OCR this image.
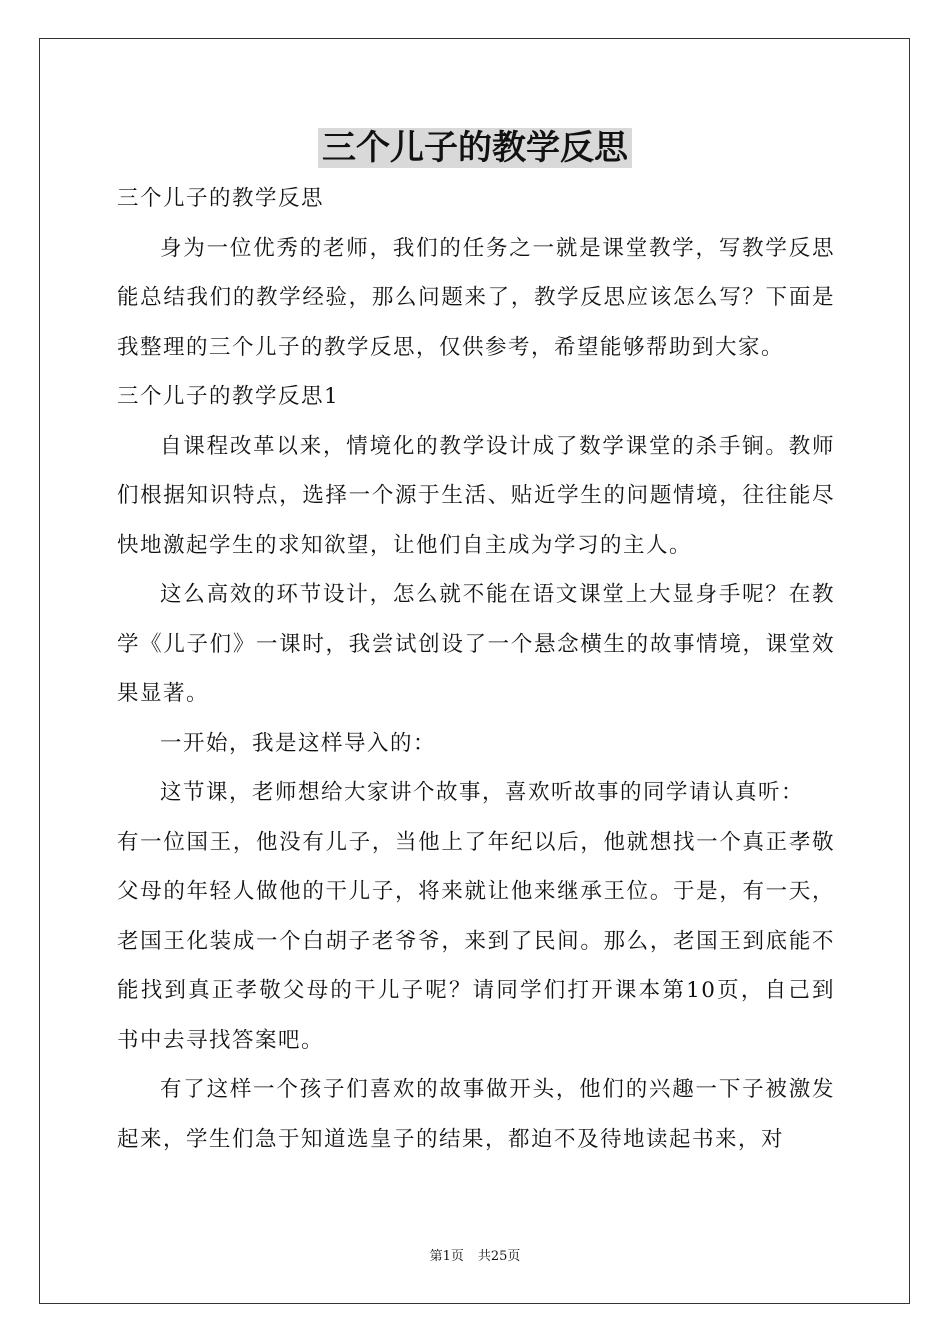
三个儿子的教学反思

三个儿子的教学反思

身为一位优秀的老师，我们的任务之一就是课堂教学，写教学反思能总结我们的教学经验，那么问题来了，教学反思应该怎么写？下面是我整理的三个儿子的教学反思，仅供参考，希望能够帮助到大家。

三个儿子的教学反思1

自课程改革以来，情境化的教学设计成了数学课堂的杀手锏。教师们根据知识特点，选择一个源于生活、贴近学生的问题情境，往往能尽快地激起学生的求知欲望，让他们自主成为学习的主人。

这么高效的环节设计，怎么就不能在语文课堂上大显身手呢？在教学《儿子们》一课时，我尝试创设了一个悬念横生的故事情境，课堂效果显著。

一开始，我是这样导入的：

这节课，老师想给大家讲个故事，喜欢听故事的同学请认真听：

有一位国王，他没有儿子，当他上了年纪以后，他就想找一个真正孝敬父母的年轻人做他的干儿子，将来就让他来继承王位。于是，有一天，老国王化装成一个白胡子老爷爷，来到了民间。那么，老国王到底能不能找到真正孝敬父母的干儿子呢？请同学们打开课本第10页，自己到书中去寻找答案吧。

有了这样一个孩子们喜欢的故事做开头，他们的兴趣一下子被激发起来，学生们急于知道选皇子的结果，都迫不及待地读起书来，对

第1页 共25页
